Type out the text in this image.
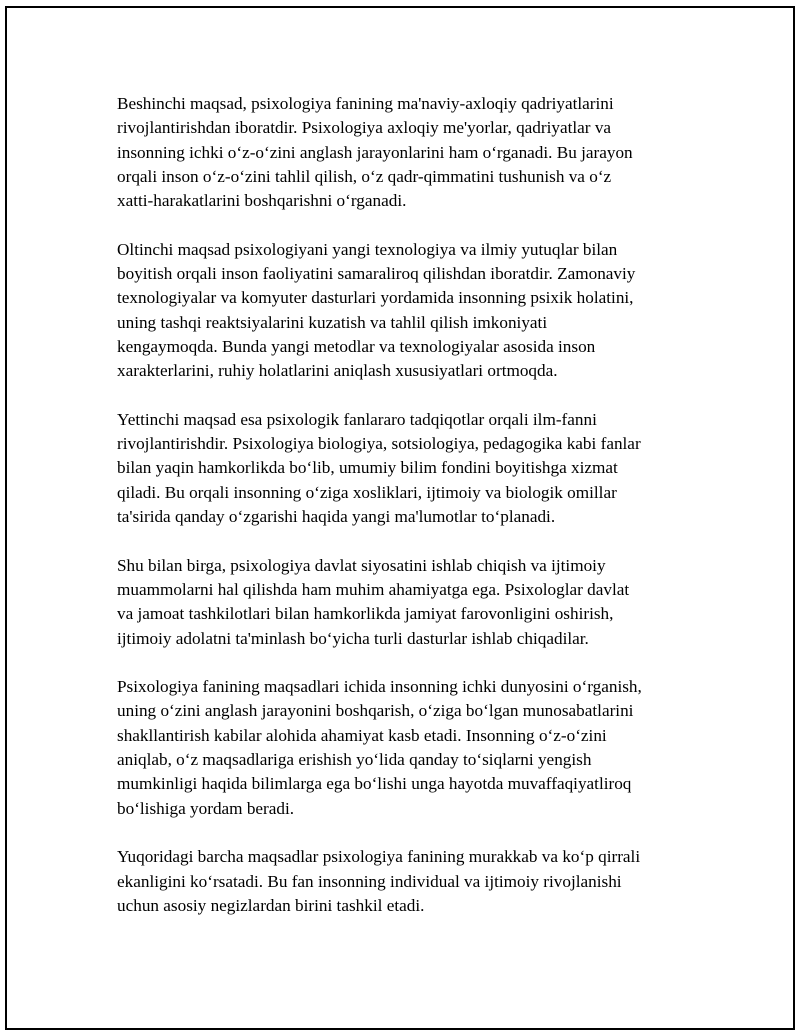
Beshinchi maqsad, psixologiya fanining ma'naviy-axloqiy qadriyatlarini
rivojlantirishdan iboratdir. Psixologiya axloqiy me'yorlar, qadriyatlar va
insonning ichki o‘z-o‘zini anglash jarayonlarini ham o‘rganadi. Bu jarayon
orqali inson o‘z-o‘zini tahlil qilish, o‘z qadr-qimmatini tushunish va o‘z
xatti-harakatlarini boshqarishni o‘rganadi.

Oltinchi maqsad psixologiyani yangi texnologiya va ilmiy yutuqlar bilan
boyitish orqali inson faoliyatini samaraliroq qilishdan iboratdir. Zamonaviy
texnologiyalar va komyuter dasturlari yordamida insonning psixik holatini,
uning tashqi reaktsiyalarini kuzatish va tahlil qilish imkoniyati
kengaymoqda. Bunda yangi metodlar va texnologiyalar asosida inson
xarakterlarini, ruhiy holatlarini aniqlash xususiyatlari ortmoqda.

Yettinchi maqsad esa psixologik fanlararo tadqiqotlar orqali ilm-fanni
rivojlantirishdir. Psixologiya biologiya, sotsiologiya, pedagogika kabi fanlar
bilan yaqin hamkorlikda bo‘lib, umumiy bilim fondini boyitishga xizmat
qiladi. Bu orqali insonning o‘ziga xosliklari, ijtimoiy va biologik omillar
ta'sirida qanday o‘zgarishi haqida yangi ma'lumotlar to‘planadi.

Shu bilan birga, psixologiya davlat siyosatini ishlab chiqish va ijtimoiy
muammolarni hal qilishda ham muhim ahamiyatga ega. Psixologlar davlat
va jamoat tashkilotlari bilan hamkorlikda jamiyat farovonligini oshirish,
ijtimoiy adolatni ta'minlash bo‘yicha turli dasturlar ishlab chiqadilar.

Psixologiya fanining maqsadlari ichida insonning ichki dunyosini o‘rganish,
uning o‘zini anglash jarayonini boshqarish, o‘ziga bo‘lgan munosabatlarini
shakllantirish kabilar alohida ahamiyat kasb etadi. Insonning o‘z-o‘zini
aniqlab, o‘z maqsadlariga erishish yo‘lida qanday to‘siqlarni yengish
mumkinligi haqida bilimlarga ega bo‘lishi unga hayotda muvaffaqiyatliroq
bo‘lishiga yordam beradi.

Yuqoridagi barcha maqsadlar psixologiya fanining murakkab va ko‘p qirrali
ekanligini ko‘rsatadi. Bu fan insonning individual va ijtimoiy rivojlanishi
uchun asosiy negizlardan birini tashkil etadi.
